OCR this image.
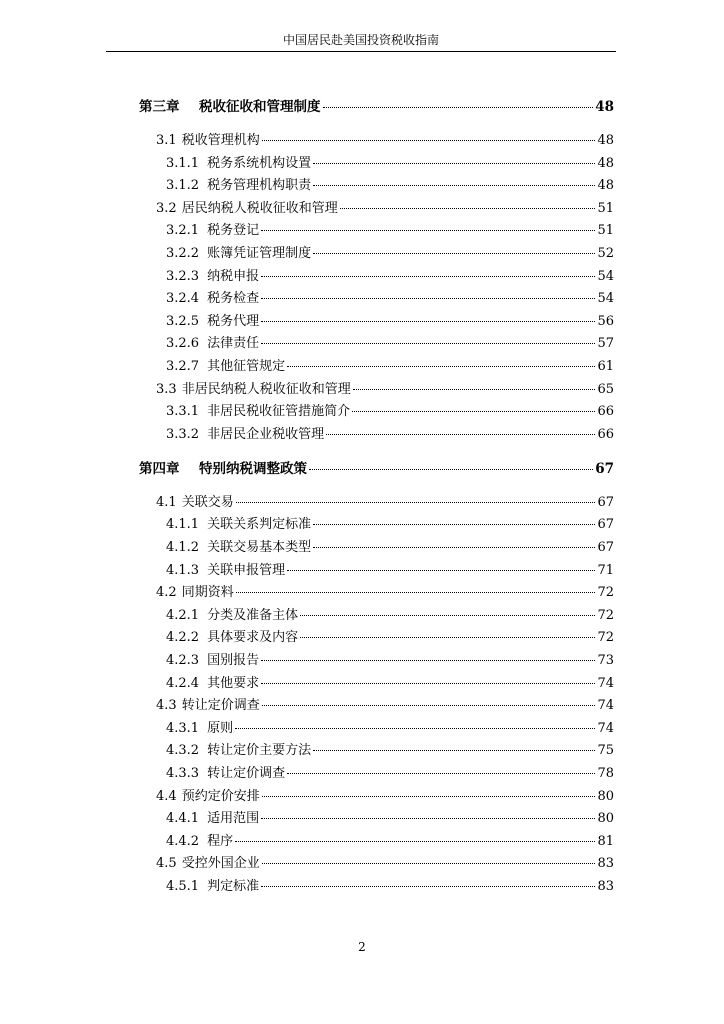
中国居民赴美国投资税收指南
第三章	税收征收和管理制度	48
3.1 税收管理机构	48
3.1.1 税务系统机构设置	48
3.1.2 税务管理机构职责	48
3.2 居民纳税人税收征收和管理	51
3.2.1 税务登记	51
3.2.2 账簿凭证管理制度	52
3.2.3 纳税申报	54
3.2.4 税务检查	54
3.2.5 税务代理	56
3.2.6 法律责任	57
3.2.7 其他征管规定	61
3.3 非居民纳税人税收征收和管理	65
3.3.1 非居民税收征管措施简介	66
3.3.2 非居民企业税收管理	66
第四章	特别纳税调整政策	67
4.1 关联交易	67
4.1.1 关联关系判定标准	67
4.1.2 关联交易基本类型	67
4.1.3 关联申报管理	71
4.2 同期资料	72
4.2.1 分类及准备主体	72
4.2.2 具体要求及内容	72
4.2.3 国别报告	73
4.2.4 其他要求	74
4.3 转让定价调查	74
4.3.1 原则	74
4.3.2 转让定价主要方法	75
4.3.3 转让定价调查	78
4.4 预约定价安排	80
4.4.1 适用范围	80
4.4.2 程序	81
4.5 受控外国企业	83
4.5.1 判定标准	83
2
